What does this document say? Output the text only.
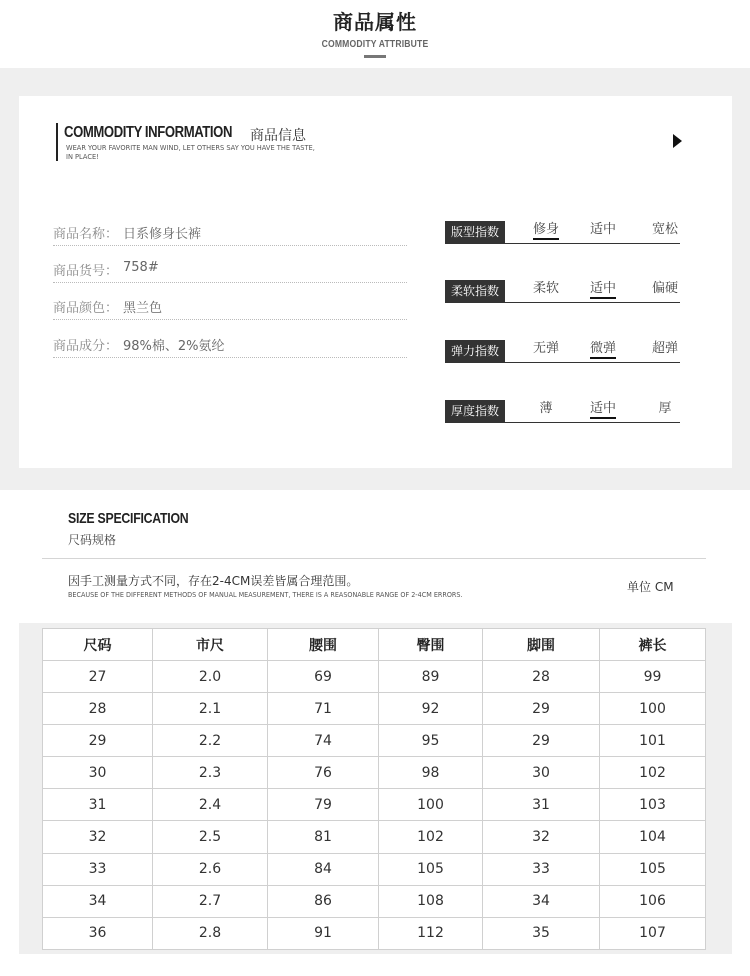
商品属性
COMMODITY ATTRIBUTE
COMMODITY INFORMATION 商品信息
WEAR YOUR FAVORITE MAN WIND, LET OTHERS SAY YOU HAVE THE TASTE, IN PLACE!
商品名称： 日系修身长裤
商品货号： 758#
商品颜色： 黑兰色
商品成分： 98%棉、2%氨纶
版型指数	修身	适中	宽松
柔软指数	柔软	适中	偏硬
弹力指数	无弹	微弹	超弹
厚度指数	薄	适中	厚
SIZE SPECIFICATION
尺码规格
因手工测量方式不同，存在2-4CM误差皆属合理范围。
BECAUSE OF THE DIFFERENT METHODS OF MANUAL MEASUREMENT, THERE IS A REASONABLE RANGE OF 2-4CM ERRORS.
单位 CM
尺码	市尺	腰围	臀围	脚围	裤长
27	2.0	69	89	28	99
28	2.1	71	92	29	100
29	2.2	74	95	29	101
30	2.3	76	98	30	102
31	2.4	79	100	31	103
32	2.5	81	102	32	104
33	2.6	84	105	33	105
34	2.7	86	108	34	106
36	2.8	91	112	35	107
